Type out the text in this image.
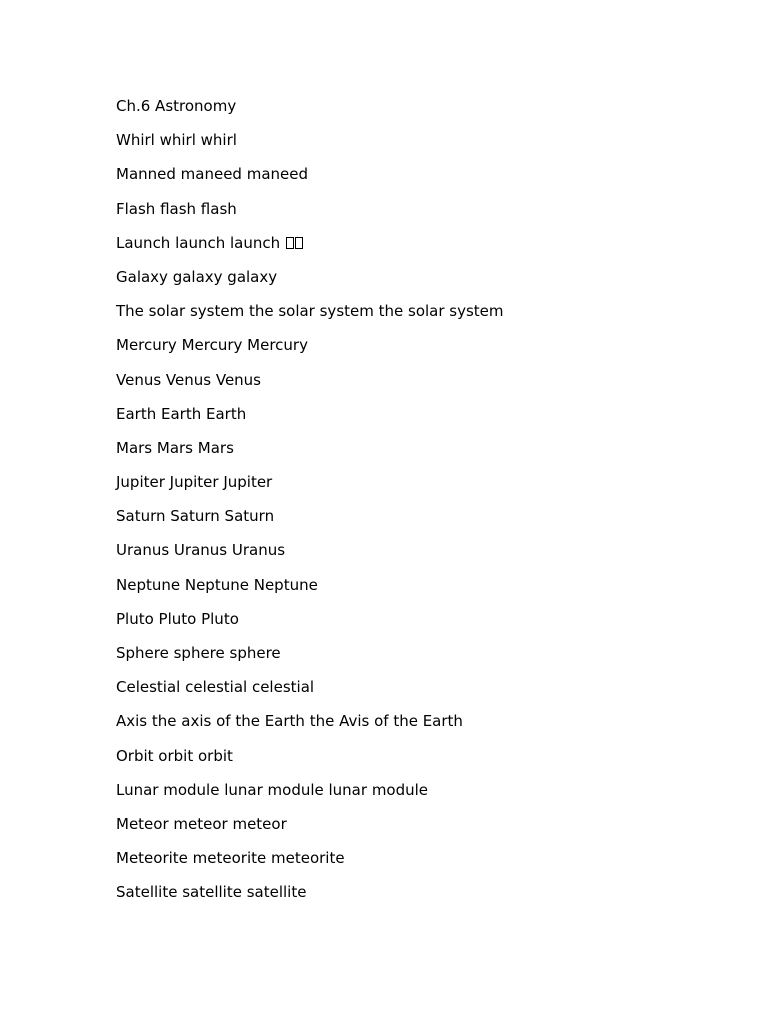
Ch.6 Astronomy
Whirl whirl whirl
Manned maneed maneed
Flash flash flash
Launch launch launch
Galaxy galaxy galaxy
The solar system the solar system the solar system
Mercury Mercury Mercury
Venus Venus Venus
Earth Earth Earth
Mars Mars Mars
Jupiter Jupiter Jupiter
Saturn Saturn Saturn
Uranus Uranus Uranus
Neptune Neptune Neptune
Pluto Pluto Pluto
Sphere sphere sphere
Celestial celestial celestial
Axis the axis of the Earth the Avis of the Earth
Orbit orbit orbit
Lunar module lunar module lunar module
Meteor meteor meteor
Meteorite meteorite meteorite
Satellite satellite satellite
